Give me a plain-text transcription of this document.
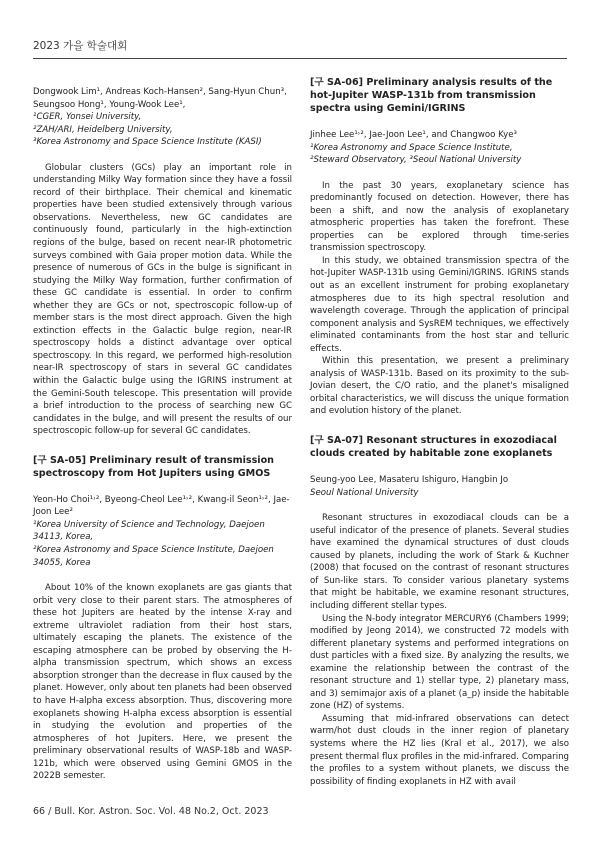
2023 가을 학술대회

Dongwook Lim¹, Andreas Koch-Hansen², Sang-Hyun Chun³, Seungsoo Hong¹, Young-Wook Lee¹,

¹CGER, Yonsei University,

²ZAH/ARI, Heidelberg University,

³Korea Astronomy and Space Science Institute (KASI)

Globular clusters (GCs) play an important role in understanding Milky Way formation since they have a fossil record of their birthplace. Their chemical and kinematic properties have been studied extensively through various observations. Nevertheless, new GC candidates are continuously found, particularly in the high-extinction regions of the bulge, based on recent near-IR photometric surveys combined with Gaia proper motion data. While the presence of numerous of GCs in the bulge is significant in studying the Milky Way formation, further confirmation of these GC candidate is essential. In order to confirm whether they are GCs or not, spectroscopic follow-up of member stars is the most direct approach. Given the high extinction effects in the Galactic bulge region, near-IR spectroscopy holds a distinct advantage over optical spectroscopy. In this regard, we performed high-resolution near-IR spectroscopy of stars in several GC candidates within the Galactic bulge using the IGRINS instrument at the Gemini-South telescope. This presentation will provide a brief introduction to the process of searching new GC candidates in the bulge, and will present the results of our spectroscopic follow-up for several GC candidates.

[구 SA-05] Preliminary result of transmission spectroscopy from Hot Jupiters using GMOS

Yeon-Ho Choi¹˒², Byeong-Cheol Lee¹˒², Kwang-il Seon¹˒², Jae-Joon Lee²

¹Korea University of Science and Technology, Daejoen 34113, Korea,

²Korea Astronomy and Space Science Institute, Daejoen 34055, Korea

About 10% of the known exoplanets are gas giants that orbit very close to their parent stars. The atmospheres of these hot Jupiters are heated by the intense X-ray and extreme ultraviolet radiation from their host stars, ultimately escaping the planets. The existence of the escaping atmosphere can be probed by observing the H-alpha transmission spectrum, which shows an excess absorption stronger than the decrease in flux caused by the planet. However, only about ten planets had been observed to have H-alpha excess absorption. Thus, discovering more exoplanets showing H-alpha excess absorption is essential in studying the evolution and properties of the atmospheres of hot Jupiters. Here, we present the preliminary observational results of WASP-18b and WASP-121b, which were observed using Gemini GMOS in the 2022B semester.

[구 SA-06] Preliminary analysis results of the hot-Jupiter WASP-131b from transmission spectra using Gemini/IGRINS

Jinhee Lee¹˒², Jae-Joon Lee¹, and Changwoo Kye³

¹Korea Astronomy and Space Science Institute,

²Steward Observatory, ³Seoul National University

In the past 30 years, exoplanetary science has predominantly focused on detection. However, there has been a shift, and now the analysis of exoplanetary atmospheric properties has taken the forefront. These properties can be explored through time-series transmission spectroscopy.

In this study, we obtained transmission spectra of the hot-Jupiter WASP-131b using Gemini/IGRINS. IGRINS stands out as an excellent instrument for probing exoplanetary atmospheres due to its high spectral resolution and wavelength coverage. Through the application of principal component analysis and SysREM techniques, we effectively eliminated contaminants from the host star and telluric effects.

Within this presentation, we present a preliminary analysis of WASP-131b. Based on its proximity to the sub-Jovian desert, the C/O ratio, and the planet's misaligned orbital characteristics, we will discuss the unique formation and evolution history of the planet.

[구 SA-07] Resonant structures in exozodiacal clouds created by habitable zone exoplanets

Seung-yoo Lee, Masateru Ishiguro, Hangbin Jo

Seoul National University

Resonant structures in exozodiacal clouds can be a useful indicator of the presence of planets. Several studies have examined the dynamical structures of dust clouds caused by planets, including the work of Stark & Kuchner (2008) that focused on the contrast of resonant structures of Sun-like stars. To consider various planetary systems that might be habitable, we examine resonant structures, including different stellar types.

Using the N-body integrator MERCURY6 (Chambers 1999; modified by Jeong 2014), we constructed 72 models with different planetary systems and performed integrations on dust particles with a fixed size. By analyzing the results, we examine the relationship between the contrast of the resonant structure and 1) stellar type, 2) planetary mass, and 3) semimajor axis of a planet (a_p) inside the habitable zone (HZ) of systems.

Assuming that mid-infrared observations can detect warm/hot dust clouds in the inner region of planetary systems where the HZ lies (Kral et al., 2017), we also present thermal flux profiles in the mid-infrared. Comparing the profiles to a system without planets, we discuss the possibility of finding exoplanets in HZ with avail

66 / Bull. Kor. Astron. Soc. Vol. 48 No.2, Oct. 2023
